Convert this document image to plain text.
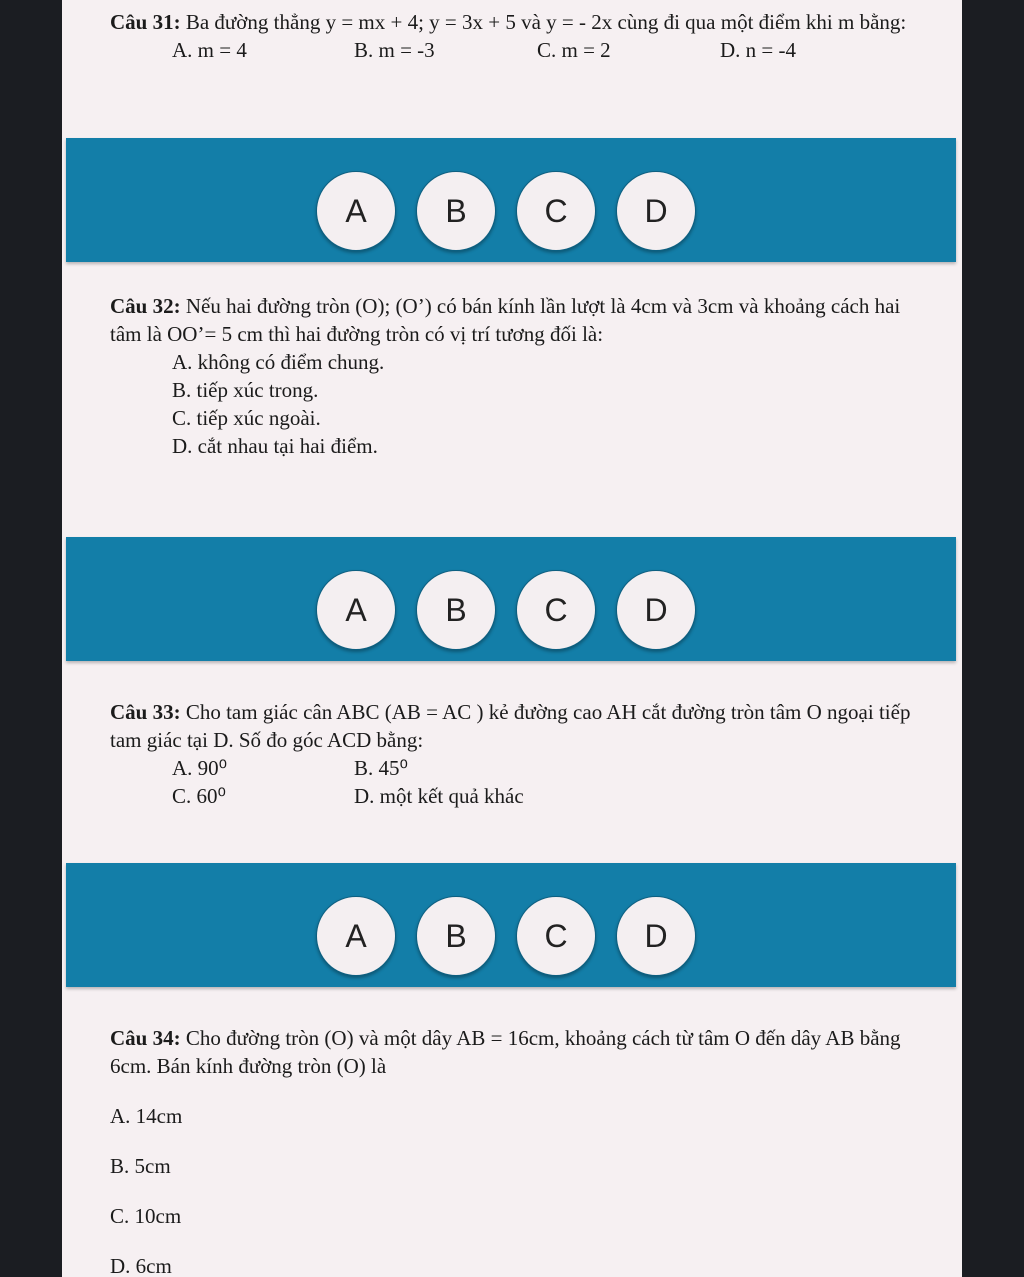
Câu 31: Ba đường thẳng y = mx + 4; y = 3x + 5 và y = - 2x cùng đi qua một điểm khi m bằng:

A. m = 4	B. m = -3	C. m = 2	D. n = -4
A	B	C	D

Câu 32: Nếu hai đường tròn (O); (O’) có bán kính lần lượt là 4cm và 3cm và khoảng cách hai tâm là OO’= 5 cm thì hai đường tròn có vị trí tương đối là:

A. không có điểm chung.
B. tiếp xúc trong.
C. tiếp xúc ngoài.
D. cắt nhau tại hai điểm.
A	B	C	D

Câu 33: Cho tam giác cân ABC (AB = AC ) kẻ đường cao AH cắt đường tròn tâm O ngoại tiếp tam giác tại D. Số đo góc ACD bằng:

A. 90⁰	B. 45⁰
C. 60⁰	D. một kết quả khác
A	B	C	D

Câu 34: Cho đường tròn (O) và một dây AB = 16cm, khoảng cách từ tâm O đến dây AB bằng 6cm. Bán kính đường tròn (O) là

A. 14cm
B. 5cm
C. 10cm
D. 6cm
